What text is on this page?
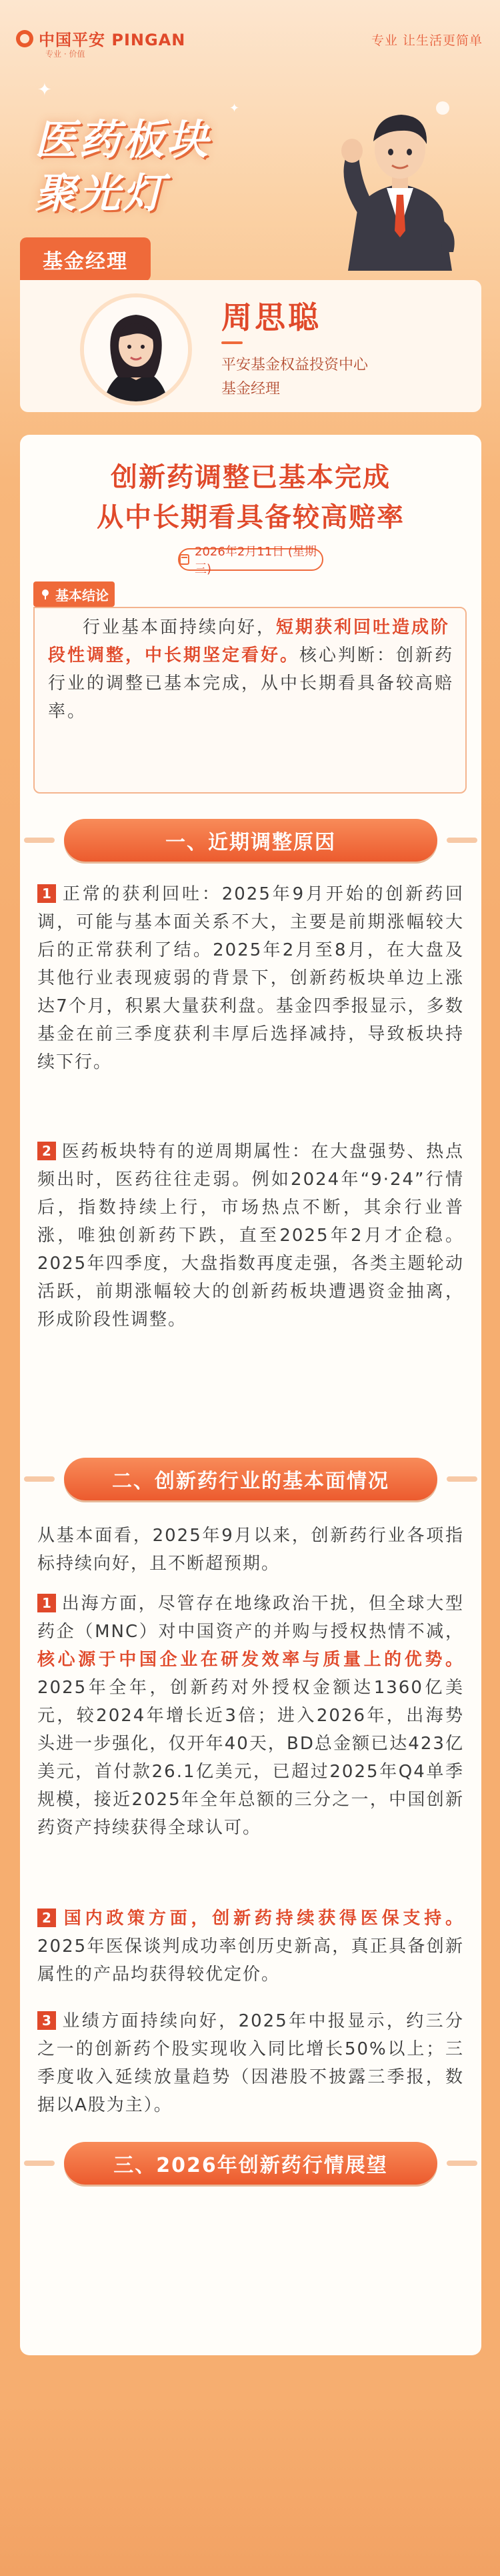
中国平安 PINGAN
专业 · 价值
专业 让生活更简单
医药板块
聚光灯
✦
✦
基金经理
周思聪
平安基金权益投资中心
基金经理
创新药调整已基本完成
从中长期看具备较高赔率
2026年2月11日 (星期三)
基本结论
行业基本面持续向好，短期获利回吐造成阶段性调整，中长期坚定看好。核心判断：创新药行业的调整已基本完成，从中长期看具备较高赔率。
一、近期调整原因
1 正常的获利回吐：2025年9月开始的创新药回调，可能与基本面关系不大，主要是前期涨幅较大后的正常获利了结。2025年2月至8月，在大盘及其他行业表现疲弱的背景下，创新药板块单边上涨达7个月，积累大量获利盘。基金四季报显示，多数基金在前三季度获利丰厚后选择减持，导致板块持续下行。
2 医药板块特有的逆周期属性：在大盘强势、热点频出时，医药往往走弱。例如2024年“9·24”行情后，指数持续上行，市场热点不断，其余行业普涨，唯独创新药下跌，直至2025年2月才企稳。2025年四季度，大盘指数再度走强，各类主题轮动活跃，前期涨幅较大的创新药板块遭遇资金抽离，形成阶段性调整。
二、创新药行业的基本面情况
从基本面看，2025年9月以来，创新药行业各项指标持续向好，且不断超预期。
1 出海方面，尽管存在地缘政治干扰，但全球大型药企（MNC）对中国资产的并购与授权热情不减，核心源于中国企业在研发效率与质量上的优势。2025年全年，创新药对外授权金额达1360亿美元，较2024年增长近3倍；进入2026年，出海势头进一步强化，仅开年40天，BD总金额已达423亿美元，首付款26.1亿美元，已超过2025年Q4单季规模，接近2025年全年总额的三分之一，中国创新药资产持续获得全球认可。
2 国内政策方面，创新药持续获得医保支持。2025年医保谈判成功率创历史新高，真正具备创新属性的产品均获得较优定价。
3 业绩方面持续向好，2025年中报显示，约三分之一的创新药个股实现收入同比增长50%以上；三季度收入延续放量趋势（因港股不披露三季报，数据以A股为主）。
三、2026年创新药行情展望
